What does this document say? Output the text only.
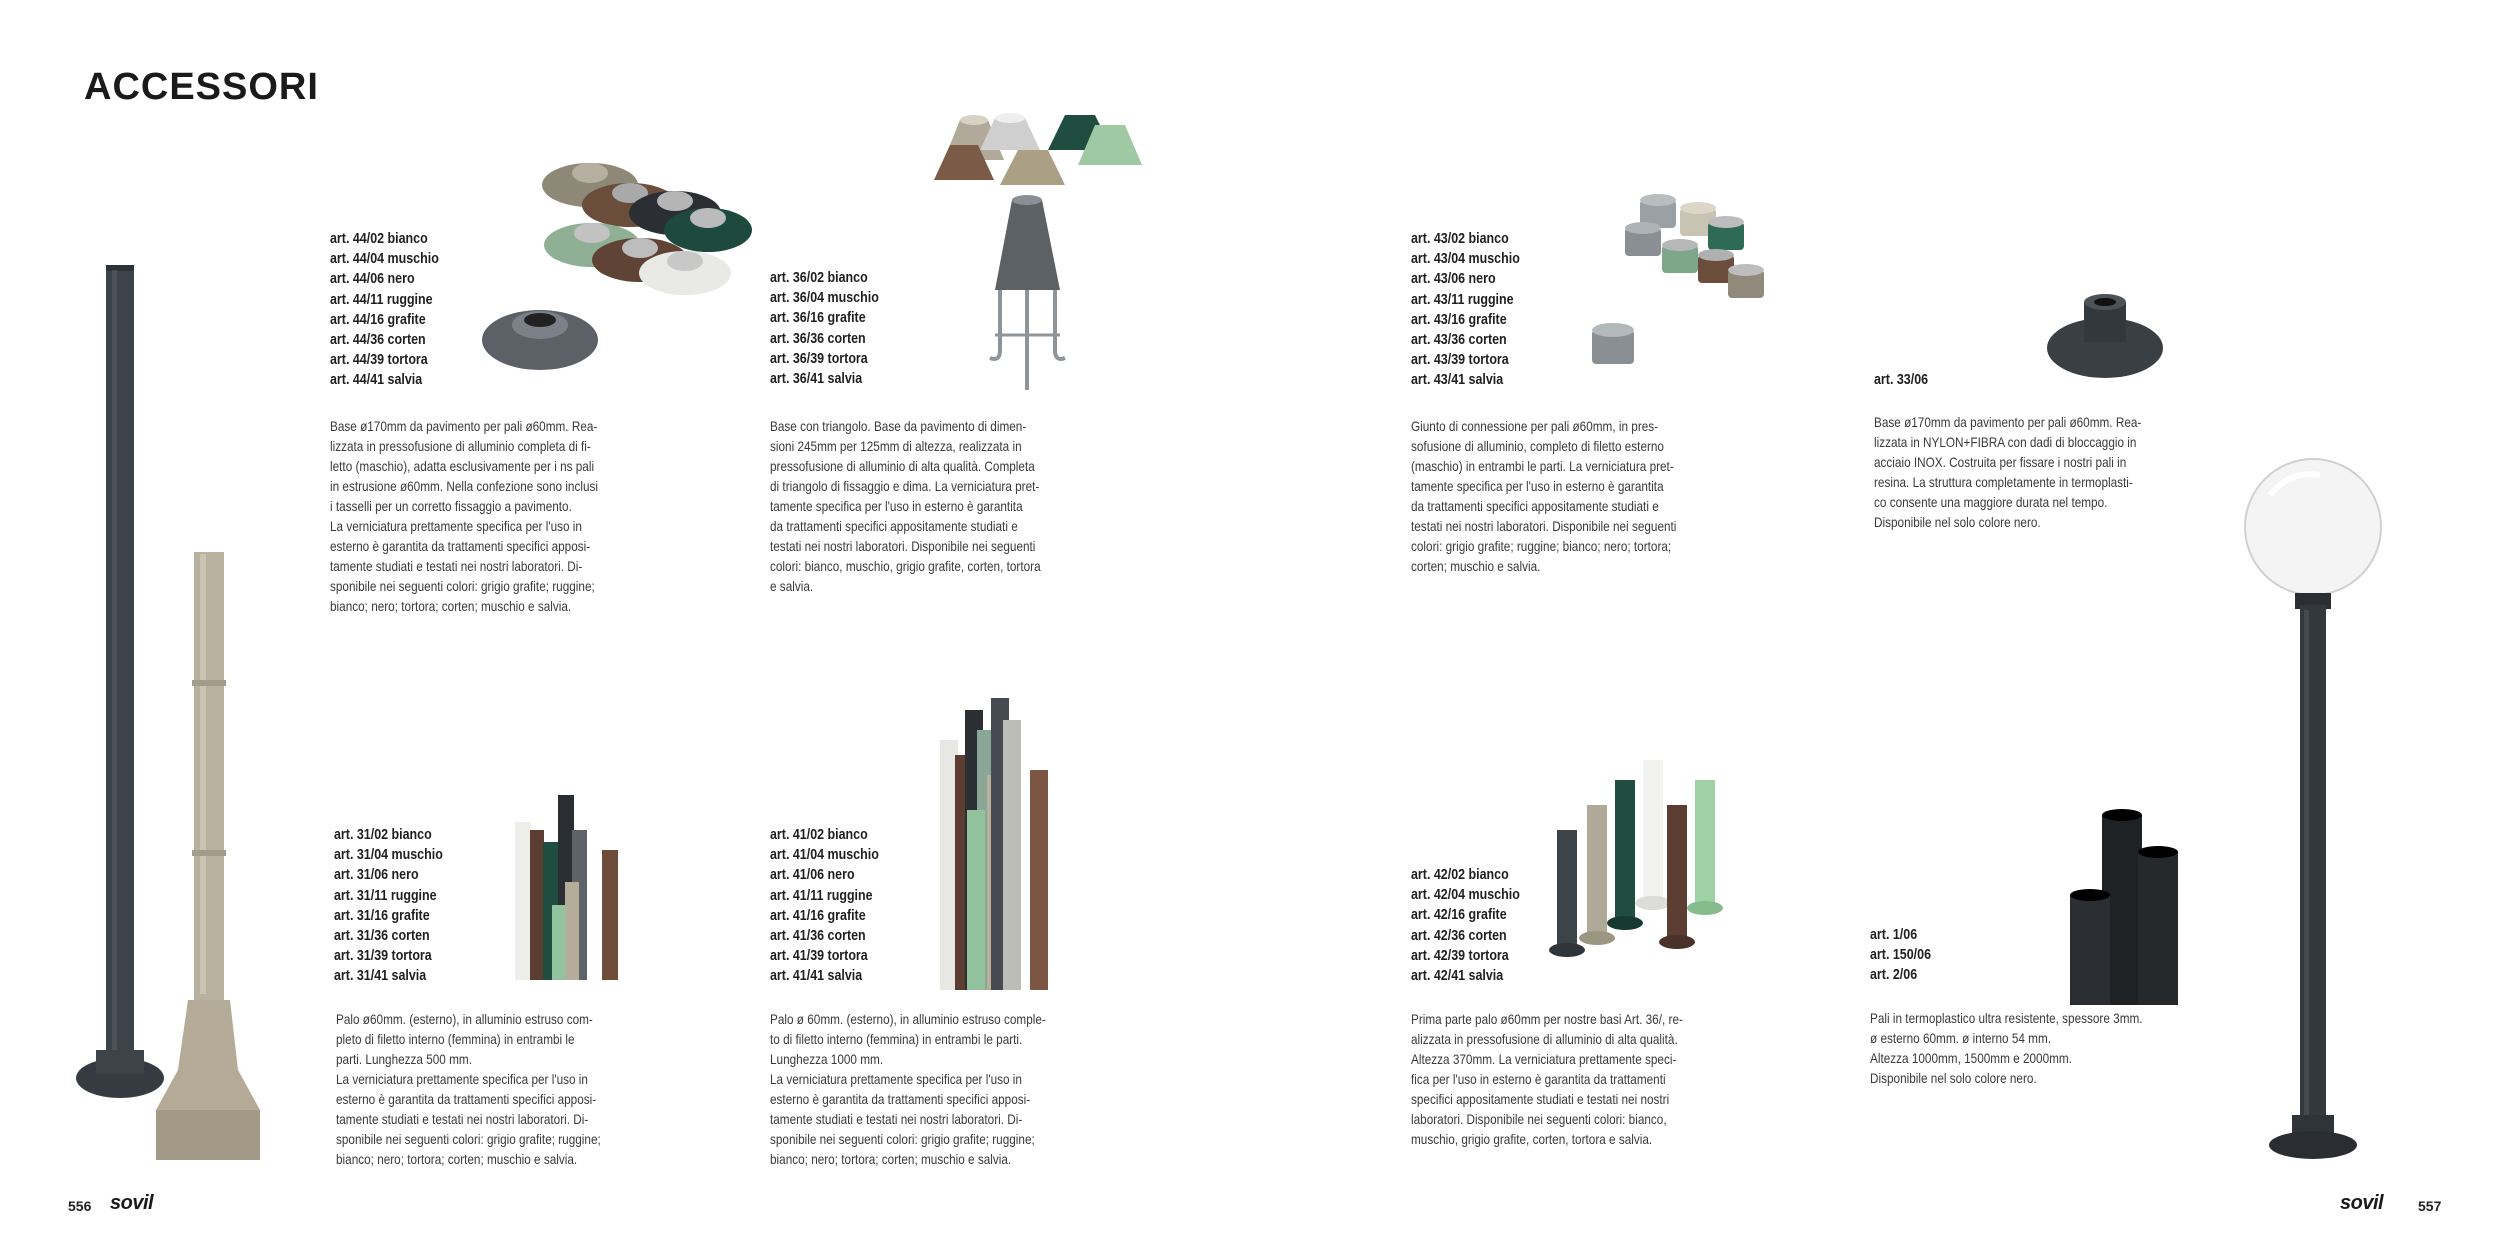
ACCESSORI
art. 44/02 bianco
art. 44/04 muschio
art. 44/06 nero
art. 44/11 ruggine
art. 44/16 grafite
art. 44/36 corten
art. 44/39 tortora
art. 44/41 salvia
Base ø170mm da pavimento per pali ø60mm. Rea-
lizzata in pressofusione di alluminio completa di fi-
letto (maschio), adatta esclusivamente per i ns pali
in estrusione ø60mm. Nella confezione sono inclusi
i tasselli per un corretto fissaggio a pavimento.
La verniciatura prettamente specifica per l'uso in
esterno è garantita da trattamenti specifici apposi-
tamente studiati e testati nei nostri laboratori. Di-
sponibile nei seguenti colori: grigio grafite; ruggine;
bianco; nero; tortora; corten; muschio e salvia.
art. 36/02 bianco
art. 36/04 muschio
art. 36/16 grafite
art. 36/36 corten
art. 36/39 tortora
art. 36/41 salvia
Base con triangolo. Base da pavimento di dimen-
sioni 245mm per 125mm di altezza, realizzata in
pressofusione di alluminio di alta qualità. Completa
di triangolo di fissaggio e dima. La verniciatura pret-
tamente specifica per l'uso in esterno è garantita
da trattamenti specifici appositamente studiati e
testati nei nostri laboratori. Disponibile nei seguenti
colori: bianco, muschio, grigio grafite, corten, tortora
e salvia.
art. 43/02 bianco
art. 43/04 muschio
art. 43/06 nero
art. 43/11 ruggine
art. 43/16 grafite
art. 43/36 corten
art. 43/39 tortora
art. 43/41 salvia
Giunto di connessione per pali ø60mm, in pres-
sofusione di alluminio, completo di filetto esterno
(maschio) in entrambi le parti. La verniciatura pret-
tamente specifica per l'uso in esterno è garantita
da trattamenti specifici appositamente studiati e
testati nei nostri laboratori. Disponibile nei seguenti
colori: grigio grafite; ruggine; bianco; nero; tortora;
corten; muschio e salvia.
art. 33/06
Base ø170mm da pavimento per pali ø60mm. Rea-
lizzata in NYLON+FIBRA con dadi di bloccaggio in
acciaio INOX. Costruita per fissare i nostri pali in
resina. La struttura completamente in termoplasti-
co consente una maggiore durata nel tempo.
Disponibile nel solo colore nero.
art. 31/02 bianco
art. 31/04 muschio
art. 31/06 nero
art. 31/11 ruggine
art. 31/16 grafite
art. 31/36 corten
art. 31/39 tortora
art. 31/41 salvia
Palo ø60mm. (esterno), in alluminio estruso com-
pleto di filetto interno (femmina) in entrambi le
parti. Lunghezza 500 mm.
La verniciatura prettamente specifica per l'uso in
esterno è garantita da trattamenti specifici apposi-
tamente studiati e testati nei nostri laboratori. Di-
sponibile nei seguenti colori: grigio grafite; ruggine;
bianco; nero; tortora; corten; muschio e salvia.
art. 41/02 bianco
art. 41/04 muschio
art. 41/06 nero
art. 41/11 ruggine
art. 41/16 grafite
art. 41/36 corten
art. 41/39 tortora
art. 41/41 salvia
Palo ø 60mm. (esterno), in alluminio estruso comple-
to di filetto interno (femmina) in entrambi le parti.
Lunghezza 1000 mm.
La verniciatura prettamente specifica per l'uso in
esterno è garantita da trattamenti specifici apposi-
tamente studiati e testati nei nostri laboratori. Di-
sponibile nei seguenti colori: grigio grafite; ruggine;
bianco; nero; tortora; corten; muschio e salvia.
art. 42/02 bianco
art. 42/04 muschio
art. 42/16 grafite
art. 42/36 corten
art. 42/39 tortora
art. 42/41 salvia
Prima parte palo ø60mm per nostre basi Art. 36/, re-
alizzata in pressofusione di alluminio di alta qualità.
Altezza 370mm. La verniciatura prettamente speci-
fica per l'uso in esterno è garantita da trattamenti
specifici appositamente studiati e testati nei nostri
laboratori. Disponibile nei seguenti colori: bianco,
muschio, grigio grafite, corten, tortora e salvia.
art. 1/06
art. 150/06
art. 2/06
Pali in termoplastico ultra resistente, spessore 3mm.
ø esterno 60mm. ø interno 54 mm.
Altezza 1000mm, 1500mm e 2000mm.
Disponibile nel solo colore nero.
556 sovil	sovil 557
